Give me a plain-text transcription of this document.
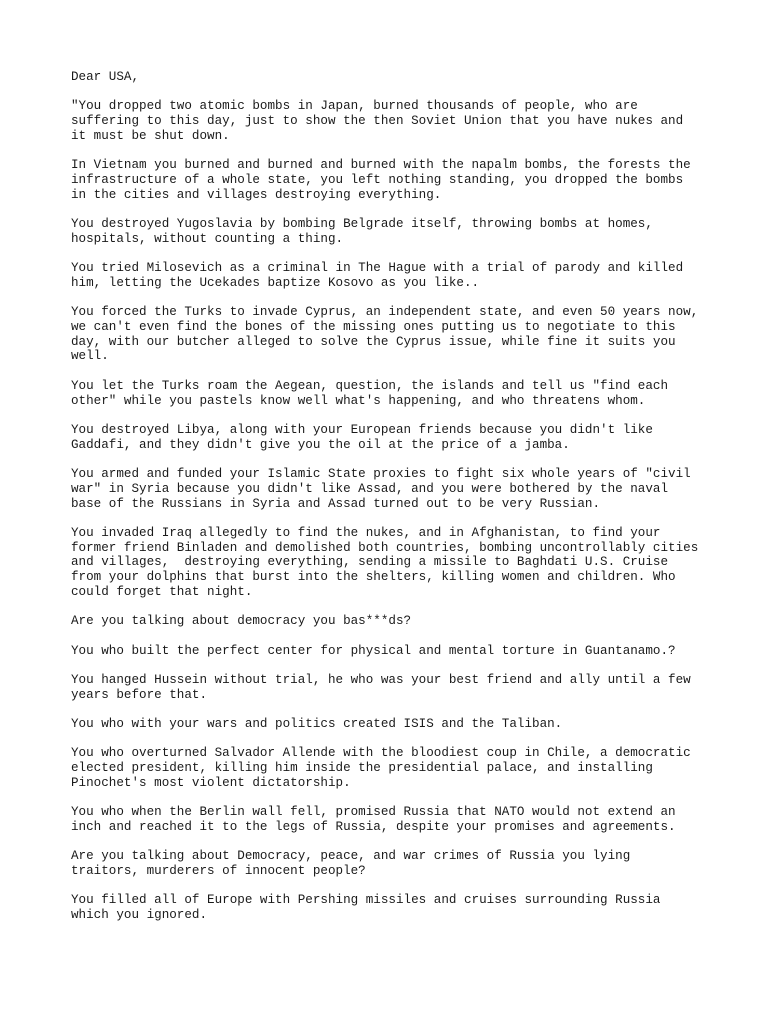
Dear USA,

"You dropped two atomic bombs in Japan, burned thousands of people, who are
suffering to this day, just to show the then Soviet Union that you have nukes and
it must be shut down.

In Vietnam you burned and burned and burned with the napalm bombs, the forests the
infrastructure of a whole state, you left nothing standing, you dropped the bombs
in the cities and villages destroying everything.

You destroyed Yugoslavia by bombing Belgrade itself, throwing bombs at homes,
hospitals, without counting a thing.

You tried Milosevich as a criminal in The Hague with a trial of parody and killed
him, letting the Ucekades baptize Kosovo as you like..

You forced the Turks to invade Cyprus, an independent state, and even 50 years now,
we can't even find the bones of the missing ones putting us to negotiate to this
day, with our butcher alleged to solve the Cyprus issue, while fine it suits you
well.

You let the Turks roam the Aegean, question, the islands and tell us "find each
other" while you pastels know well what's happening, and who threatens whom.

You destroyed Libya, along with your European friends because you didn't like
Gaddafi, and they didn't give you the oil at the price of a jamba.

You armed and funded your Islamic State proxies to fight six whole years of "civil
war" in Syria because you didn't like Assad, and you were bothered by the naval
base of the Russians in Syria and Assad turned out to be very Russian.

You invaded Iraq allegedly to find the nukes, and in Afghanistan, to find your
former friend Binladen and demolished both countries, bombing uncontrollably cities
and villages,  destroying everything, sending a missile to Baghdati U.S. Cruise
from your dolphins that burst into the shelters, killing women and children. Who
could forget that night.

Are you talking about democracy you bas***ds?

You who built the perfect center for physical and mental torture in Guantanamo.?

You hanged Hussein without trial, he who was your best friend and ally until a few
years before that.

You who with your wars and politics created ISIS and the Taliban.

You who overturned Salvador Allende with the bloodiest coup in Chile, a democratic
elected president, killing him inside the presidential palace, and installing
Pinochet's most violent dictatorship.

You who when the Berlin wall fell, promised Russia that NATO would not extend an
inch and reached it to the legs of Russia, despite your promises and agreements.

Are you talking about Democracy, peace, and war crimes of Russia you lying
traitors, murderers of innocent people?

You filled all of Europe with Pershing missiles and cruises surrounding Russia
which you ignored.
